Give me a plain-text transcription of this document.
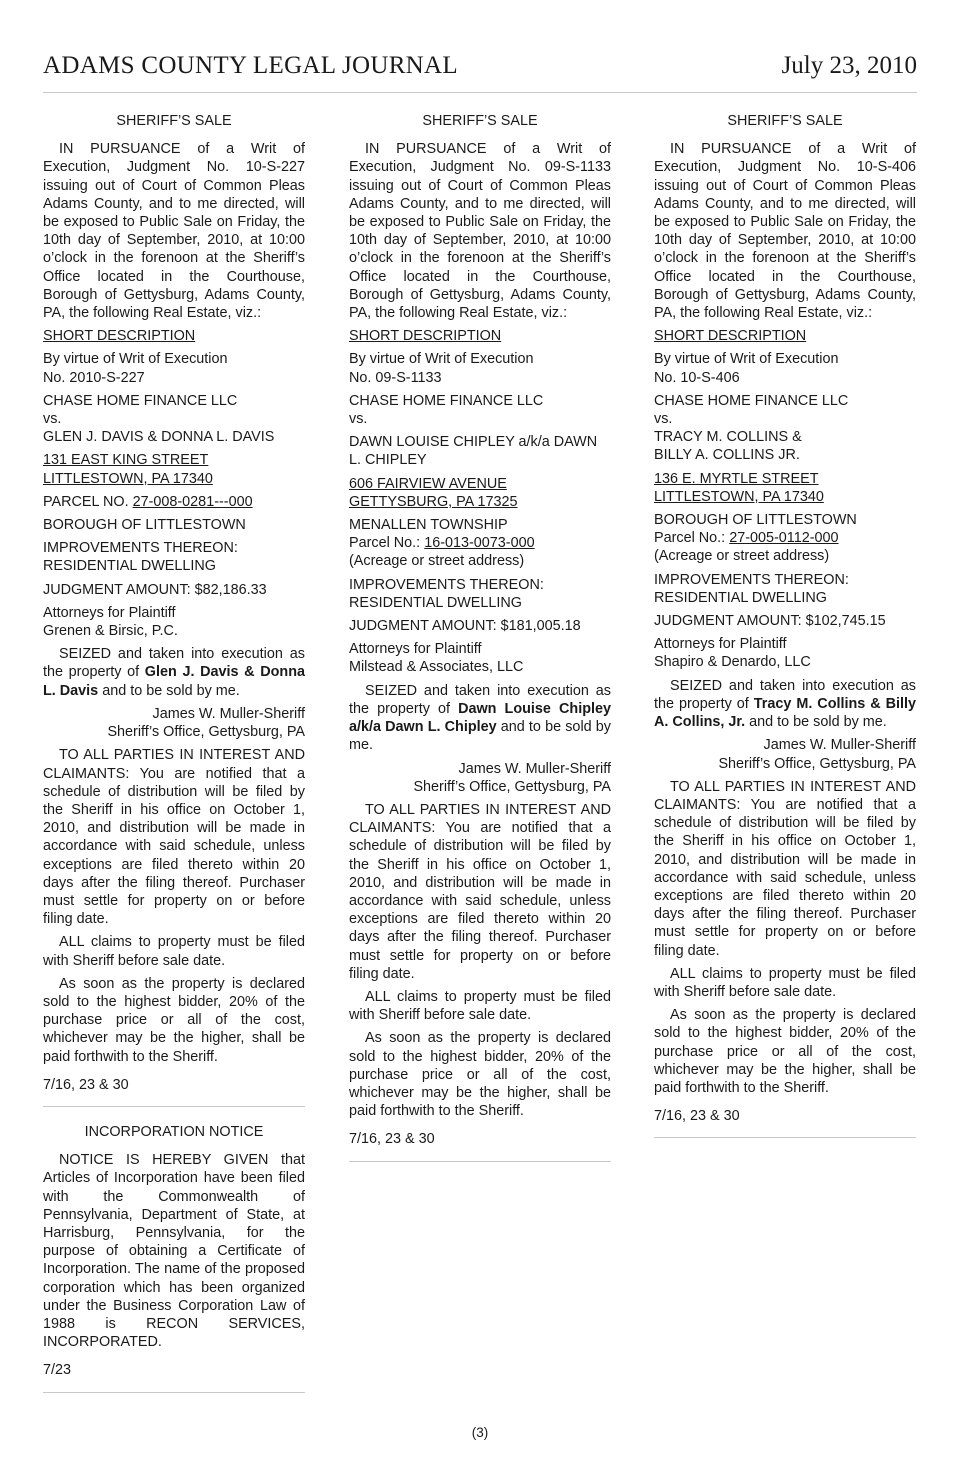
ADAMS COUNTY LEGAL JOURNAL	July 23, 2010

SHERIFF’S SALE

IN PURSUANCE of a Writ of Execution, Judgment No. 10-S-227 issuing out of Court of Common Pleas Adams County, and to me directed, will be exposed to Public Sale on Friday, the 10th day of September, 2010, at 10:00 o’clock in the forenoon at the Sheriff’s Office located in the Courthouse, Borough of Gettysburg, Adams County, PA, the following Real Estate, viz.:

SHORT DESCRIPTION

By virtue of Writ of Execution
No. 2010-S-227

CHASE HOME FINANCE LLC
vs.
GLEN J. DAVIS & DONNA L. DAVIS

131 EAST KING STREET
LITTLESTOWN, PA 17340

PARCEL NO. 27-008-0281---000

BOROUGH OF LITTLESTOWN

IMPROVEMENTS THEREON:
RESIDENTIAL DWELLING

JUDGMENT AMOUNT: $82,186.33

Attorneys for Plaintiff
Grenen & Birsic, P.C.

SEIZED and taken into execution as the property of Glen J. Davis & Donna L. Davis and to be sold by me.

James W. Muller-Sheriff

Sheriff’s Office, Gettysburg, PA

TO ALL PARTIES IN INTEREST AND CLAIMANTS: You are notified that a schedule of distribution will be filed by the Sheriff in his office on October 1, 2010, and distribution will be made in accordance with said schedule, unless exceptions are filed thereto within 20 days after the filing thereof. Purchaser must settle for property on or before filing date.

ALL claims to property must be filed with Sheriff before sale date.

As soon as the property is declared sold to the highest bidder, 20% of the purchase price or all of the cost, whichever may be the higher, shall be paid forthwith to the Sheriff.

7/16, 23 & 30

INCORPORATION NOTICE

NOTICE IS HEREBY GIVEN that Articles of Incorporation have been filed with the Commonwealth of Pennsylvania, Department of State, at Harrisburg, Pennsylvania, for the purpose of obtaining a Certificate of Incorporation. The name of the proposed corporation which has been organized under the Business Corporation Law of 1988 is RECON SERVICES, INCORPORATED.

7/23

SHERIFF’S SALE

IN PURSUANCE of a Writ of Execution, Judgment No. 09-S-1133 issuing out of Court of Common Pleas Adams County, and to me directed, will be exposed to Public Sale on Friday, the 10th day of September, 2010, at 10:00 o’clock in the forenoon at the Sheriff’s Office located in the Courthouse, Borough of Gettysburg, Adams County, PA, the following Real Estate, viz.:

SHORT DESCRIPTION

By virtue of Writ of Execution
No. 09-S-1133

CHASE HOME FINANCE LLC
vs.

DAWN LOUISE CHIPLEY a/k/a DAWN L. CHIPLEY

606 FAIRVIEW AVENUE
GETTYSBURG, PA 17325

MENALLEN TOWNSHIP
Parcel No.: 16-013-0073-000
(Acreage or street address)

IMPROVEMENTS THEREON:
RESIDENTIAL DWELLING

JUDGMENT AMOUNT: $181,005.18

Attorneys for Plaintiff
Milstead & Associates, LLC

SEIZED and taken into execution as the property of Dawn Louise Chipley a/k/a Dawn L. Chipley and to be sold by me.

James W. Muller-Sheriff

Sheriff’s Office, Gettysburg, PA

TO ALL PARTIES IN INTEREST AND CLAIMANTS: You are notified that a schedule of distribution will be filed by the Sheriff in his office on October 1, 2010, and distribution will be made in accordance with said schedule, unless exceptions are filed thereto within 20 days after the filing thereof. Purchaser must settle for property on or before filing date.

ALL claims to property must be filed with Sheriff before sale date.

As soon as the property is declared sold to the highest bidder, 20% of the purchase price or all of the cost, whichever may be the higher, shall be paid forthwith to the Sheriff.

7/16, 23 & 30

SHERIFF’S SALE

IN PURSUANCE of a Writ of Execution, Judgment No. 10-S-406 issuing out of Court of Common Pleas Adams County, and to me directed, will be exposed to Public Sale on Friday, the 10th day of September, 2010, at 10:00 o’clock in the forenoon at the Sheriff’s Office located in the Courthouse, Borough of Gettysburg, Adams County, PA, the following Real Estate, viz.:

SHORT DESCRIPTION

By virtue of Writ of Execution
No. 10-S-406

CHASE HOME FINANCE LLC
vs.
TRACY M. COLLINS &
BILLY A. COLLINS JR.

136 E. MYRTLE STREET
LITTLESTOWN, PA 17340

BOROUGH OF LITTLESTOWN
Parcel No.: 27-005-0112-000
(Acreage or street address)

IMPROVEMENTS THEREON:
RESIDENTIAL DWELLING

JUDGMENT AMOUNT: $102,745.15

Attorneys for Plaintiff
Shapiro & Denardo, LLC

SEIZED and taken into execution as the property of Tracy M. Collins & Billy A. Collins, Jr. and to be sold by me.

James W. Muller-Sheriff

Sheriff’s Office, Gettysburg, PA

TO ALL PARTIES IN INTEREST AND CLAIMANTS: You are notified that a schedule of distribution will be filed by the Sheriff in his office on October 1, 2010, and distribution will be made in accordance with said schedule, unless exceptions are filed thereto within 20 days after the filing thereof. Purchaser must settle for property on or before filing date.

ALL claims to property must be filed with Sheriff before sale date.

As soon as the property is declared sold to the highest bidder, 20% of the purchase price or all of the cost, whichever may be the higher, shall be paid forthwith to the Sheriff.

7/16, 23 & 30

(3)
